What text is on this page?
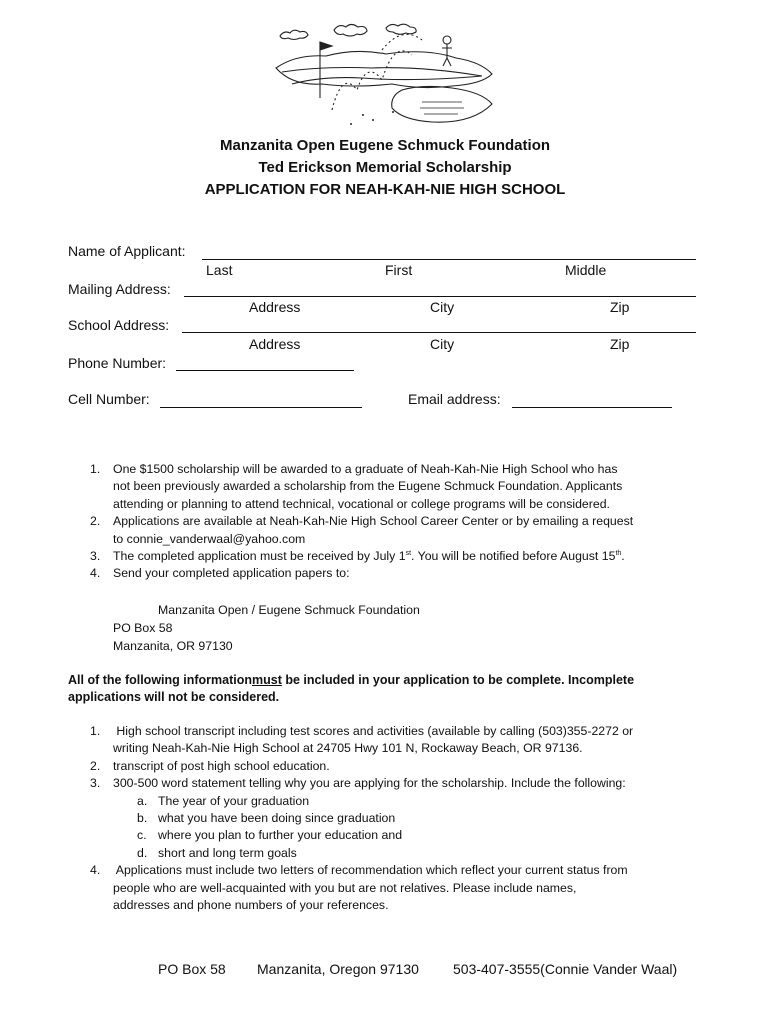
Manzanita Open Eugene Schmuck Foundation
Ted Erickson Memorial Scholarship
APPLICATION FOR NEAH-KAH-NIE HIGH SCHOOL
Name of Applicant:
Last	First	Middle
Mailing Address:
Address	City	Zip
School Address:
Address	City	Zip
Phone Number:
Cell Number:	Email address:
1. One $1500 scholarship will be awarded to a graduate of Neah-Kah-Nie High School who has
not been previously awarded a scholarship from the Eugene Schmuck Foundation. Applicants
attending or planning to attend technical, vocational or college programs will be considered.
2. Applications are available at Neah-Kah-Nie High School Career Center or by emailing a request
to connie_vanderwaal@yahoo.com
3. The completed application must be received by July 1st. You will be notified before August 15th.
4. Send your completed application papers to:
Manzanita Open / Eugene Schmuck Foundation
PO Box 58
Manzanita, OR 97130
All of the following informationmust be included in your application to be complete. Incomplete
applications will not be considered.
1. High school transcript including test scores and activities (available by calling (503)355-2272 or
writing Neah-Kah-Nie High School at 24705 Hwy 101 N, Rockaway Beach, OR 97136.
2. transcript of post high school education.
3. 300-500 word statement telling why you are applying for the scholarship. Include the following:
a. The year of your graduation
b. what you have been doing since graduation
c. where you plan to further your education and
d. short and long term goals
4. Applications must include two letters of recommendation which reflect your current status from
people who are well-acquainted with you but are not relatives. Please include names,
addresses and phone numbers of your references.
PO Box 58 Manzanita, Oregon 97130 503-407-3555(Connie Vander Waal)
